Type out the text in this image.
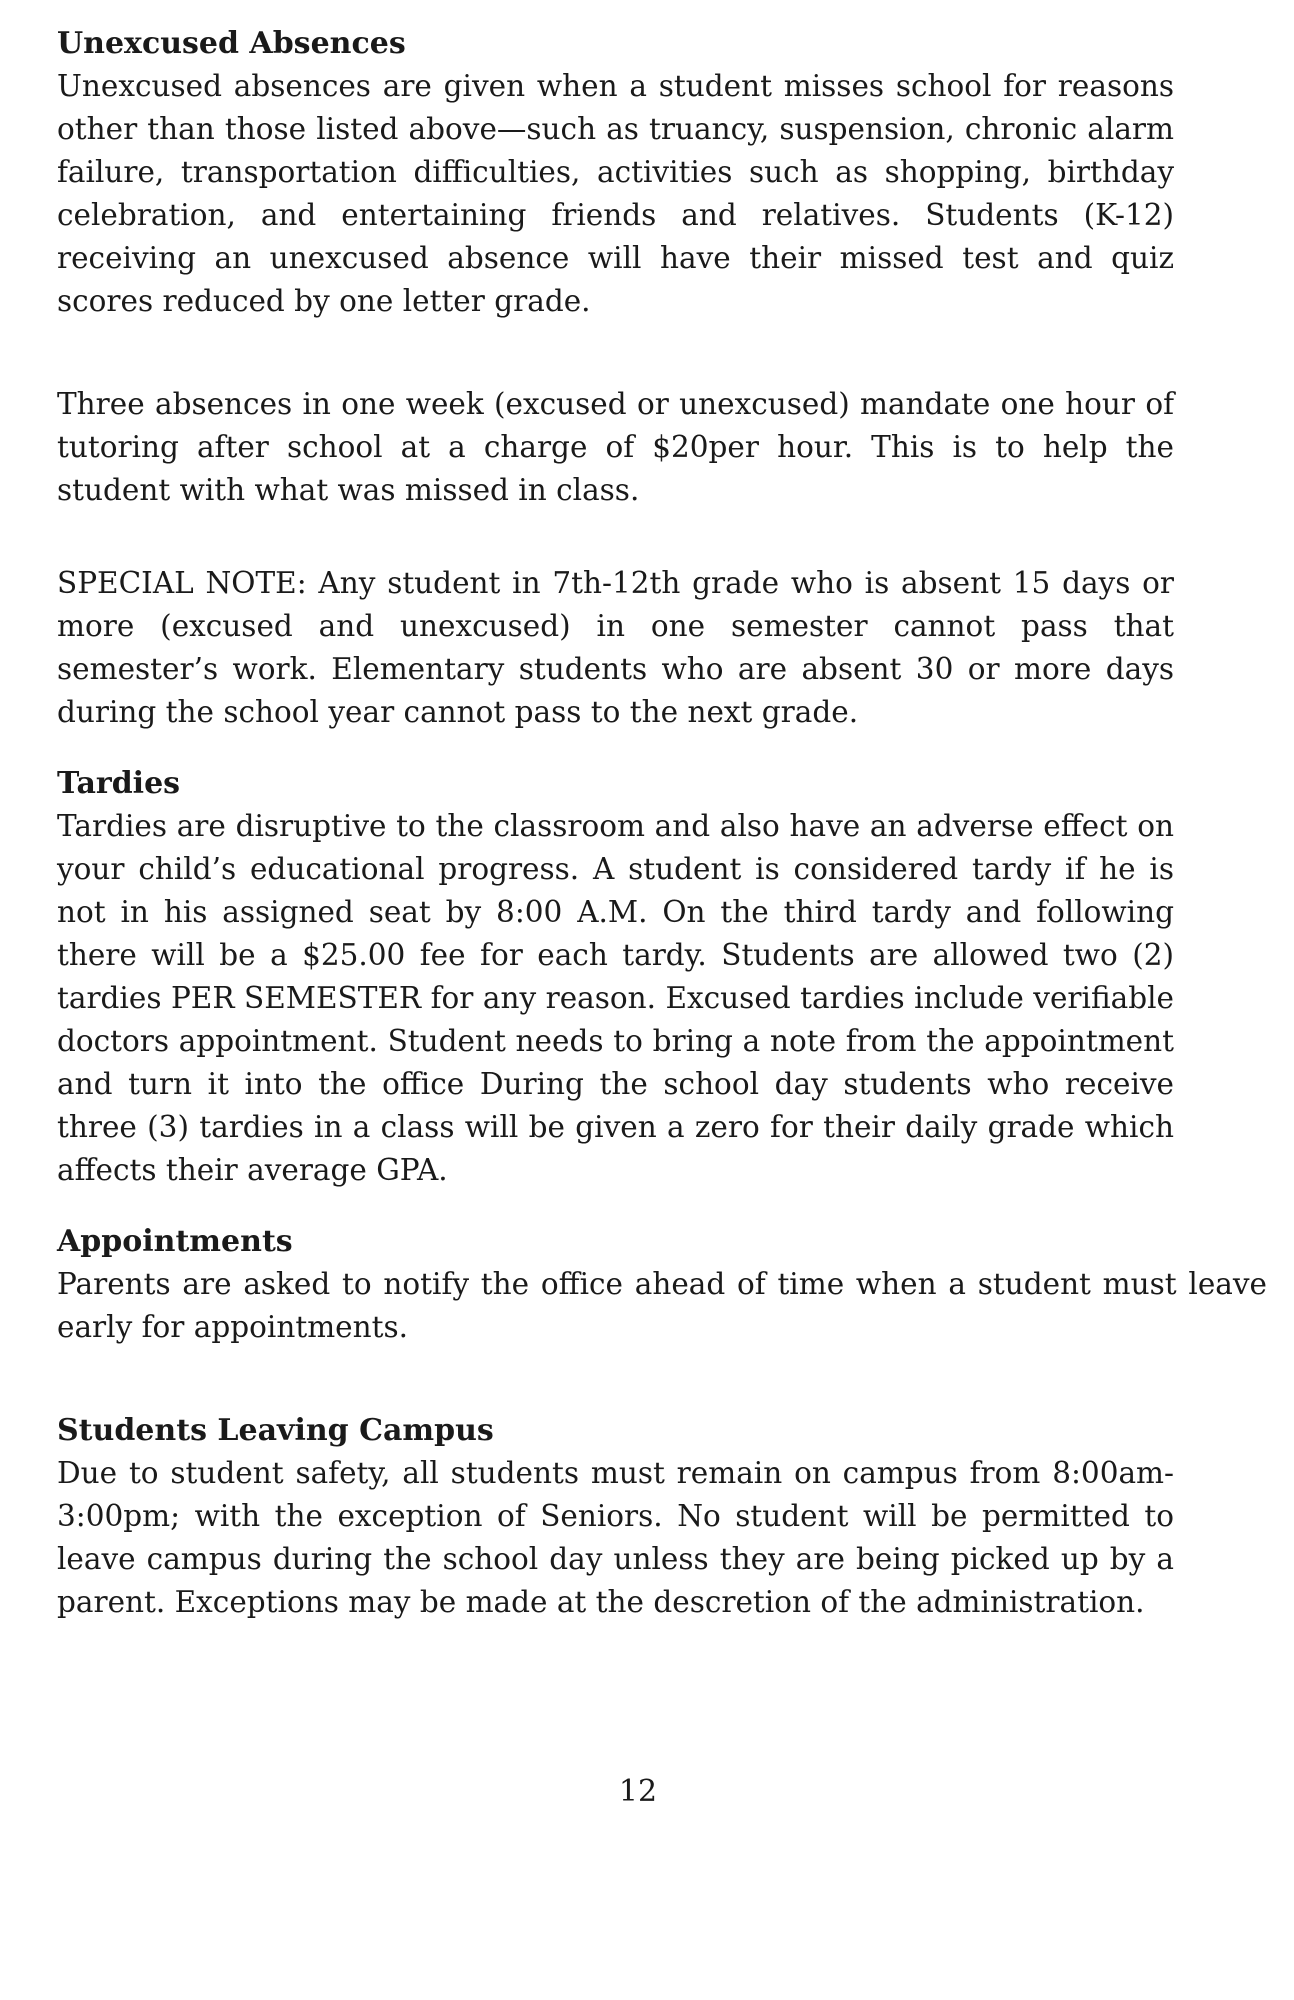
Unexcused Absences

Unexcused absences are given when a student misses school for reasons other than those listed above—such as truancy, suspension, chronic alarm failure, transportation difficulties, activities such as shopping, birthday celebration, and entertaining friends and relatives. Students (K-12) receiving an unexcused absence will have their missed test and quiz scores reduced by one letter grade.

Three absences in one week (excused or unexcused) mandate one hour of tutoring after school at a charge of $20per hour. This is to help the student with what was missed in class.

SPECIAL NOTE: Any student in 7th-12th grade who is absent 15 days or more (excused and unexcused) in one semester cannot pass that semester’s work. Elementary students who are absent 30 or more days during the school year cannot pass to the next grade.

Tardies

Tardies are disruptive to the classroom and also have an adverse effect on your child’s educational progress. A student is considered tardy if he is not in his assigned seat by 8:00 A.M. On the third tardy and following there will be a $25.00 fee for each tardy. Students are allowed two (2) tardies PER SEMESTER for any reason. Excused tardies include verifiable doctors appointment. Student needs to bring a note from the appointment and turn it into the office During the school day students who receive three (3) tardies in a class will be given a zero for their daily grade which affects their average GPA.

Appointments

Parents are asked to notify the office ahead of time when a student must leave early for appointments.

Students Leaving Campus

Due to student safety, all students must remain on campus from 8:00am- 3:00pm; with the exception of Seniors. No student will be permitted to leave campus during the school day unless they are being picked up by a parent. Exceptions may be made at the descretion of the administration.

12
